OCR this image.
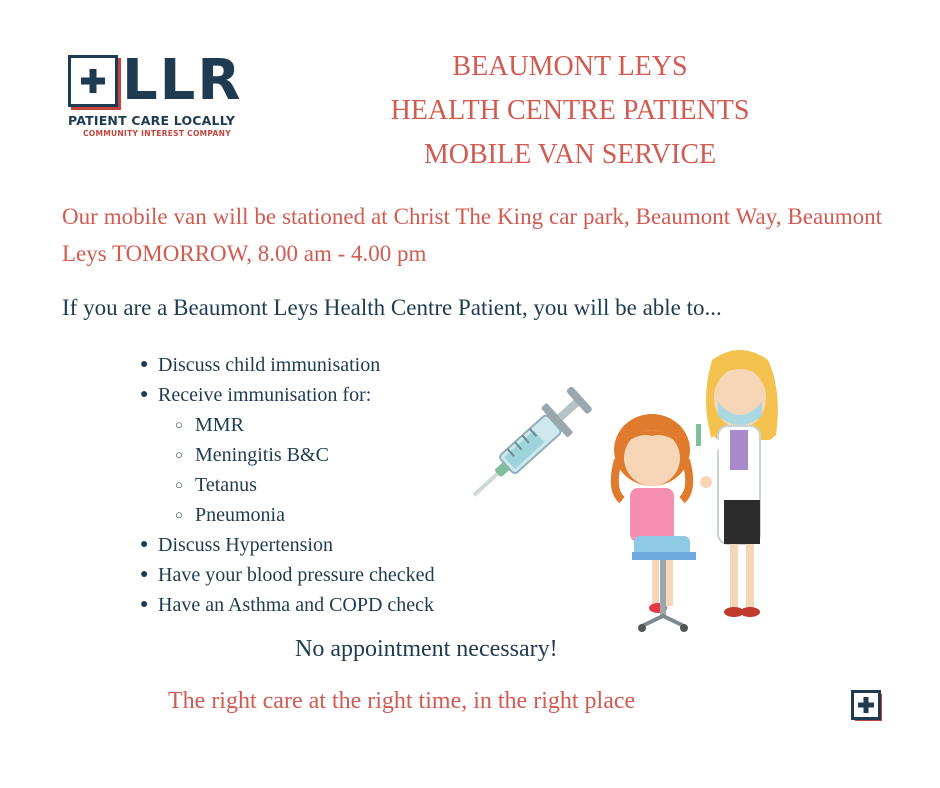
LLR
PATIENT CARE LOCALLY
COMMUNITY INTEREST COMPANY
BEAUMONT LEYS
HEALTH CENTRE PATIENTS
MOBILE VAN SERVICE
Our mobile van will be stationed at Christ The King car park, Beaumont Way, Beaumont Leys TOMORROW, 8.00 am - 4.00 pm
If you are a Beaumont Leys Health Centre Patient, you will be able to...
● Discuss child immunisation
● Receive immunisation for:
○ MMR
○ Meningitis B&C
○ Tetanus
○ Pneumonia
● Discuss Hypertension
● Have your blood pressure checked
● Have an Asthma and COPD check
No appointment necessary!
The right care at the right time, in the right place
